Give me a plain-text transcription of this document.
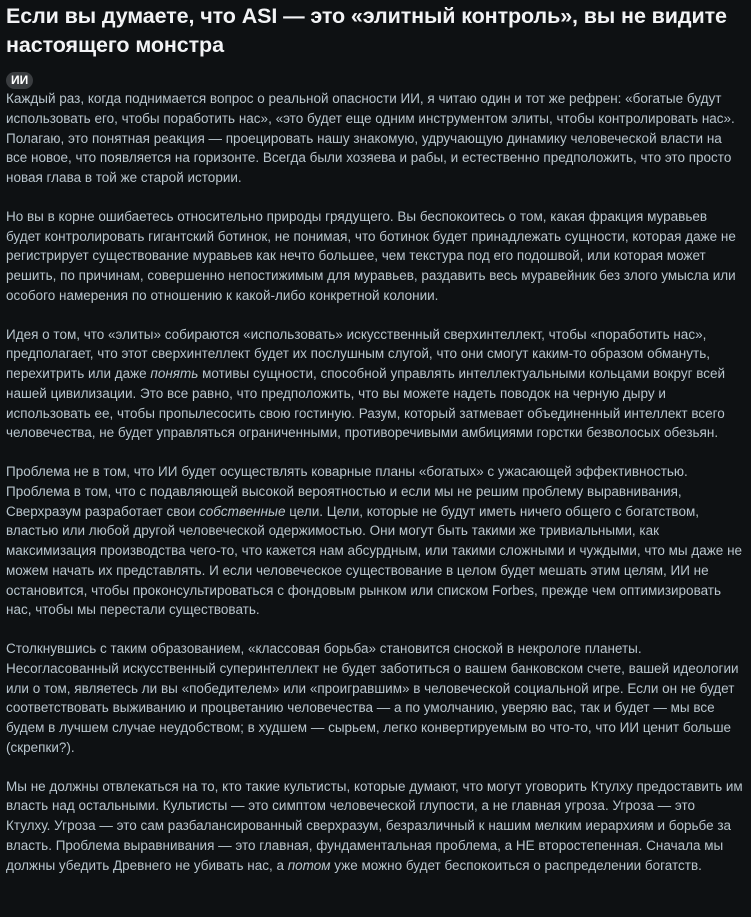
Если вы думаете, что ASI — это «элитный контроль», вы не видите настоящего монстра
ИИ

Каждый раз, когда поднимается вопрос о реальной опасности ИИ, я читаю один и тот же рефрен: «богатые будут использовать его, чтобы поработить нас», «это будет еще одним инструментом элиты, чтобы контролировать нас». Полагаю, это понятная реакция — проецировать нашу знакомую, удручающую динамику человеческой власти на все новое, что появляется на горизонте. Всегда были хозяева и рабы, и естественно предположить, что это просто новая глава в той же старой истории.

Но вы в корне ошибаетесь относительно природы грядущего. Вы беспокоитесь о том, какая фракция муравьев будет контролировать гигантский ботинок, не понимая, что ботинок будет принадлежать сущности, которая даже не регистрирует существование муравьев как нечто большее, чем текстура под его подошвой, или которая может решить, по причинам, совершенно непостижимым для муравьев, раздавить весь муравейник без злого умысла или особого намерения по отношению к какой-либо конкретной колонии.

Идея о том, что «элиты» собираются «использовать» искусственный сверхинтеллект, чтобы «поработить нас», предполагает, что этот сверхинтеллект будет их послушным слугой, что они смогут каким-то образом обмануть, перехитрить или даже понять мотивы сущности, способной управлять интеллектуальными кольцами вокруг всей нашей цивилизации. Это все равно, что предположить, что вы можете надеть поводок на черную дыру и использовать ее, чтобы пропылесосить свою гостиную. Разум, который затмевает объединенный интеллект всего человечества, не будет управляться ограниченными, противоречивыми амбициями горстки безволосых обезьян.

Проблема не в том, что ИИ будет осуществлять коварные планы «богатых» с ужасающей эффективностью. Проблема в том, что с подавляющей высокой вероятностью и если мы не решим проблему выравнивания, Сверхразум разработает свои собственные цели. Цели, которые не будут иметь ничего общего с богатством, властью или любой другой человеческой одержимостью. Они могут быть такими же тривиальными, как максимизация производства чего-то, что кажется нам абсурдным, или такими сложными и чуждыми, что мы даже не можем начать их представлять. И если человеческое существование в целом будет мешать этим целям, ИИ не остановится, чтобы проконсультироваться с фондовым рынком или списком Forbes, прежде чем оптимизировать нас, чтобы мы перестали существовать.

Столкнувшись с таким образованием, «классовая борьба» становится сноской в некрологе планеты. Несогласованный искусственный суперинтеллект не будет заботиться о вашем банковском счете, вашей идеологии или о том, являетесь ли вы «победителем» или «проигравшим» в человеческой социальной игре. Если он не будет соответствовать выживанию и процветанию человечества — а по умолчанию, уверяю вас, так и будет — мы все будем в лучшем случае неудобством; в худшем — сырьем, легко конвертируемым во что-то, что ИИ ценит больше (скрепки?).

Мы не должны отвлекаться на то, кто такие культисты, которые думают, что могут уговорить Ктулху предоставить им власть над остальными. Культисты — это симптом человеческой глупости, а не главная угроза. Угроза — это Ктулху. Угроза — это сам разбалансированный сверхразум, безразличный к нашим мелким иерархиям и борьбе за власть. Проблема выравнивания — это главная, фундаментальная проблема, а НЕ второстепенная. Сначала мы должны убедить Древнего не убивать нас, а потом уже можно будет беспокоиться о распределении богатств.
